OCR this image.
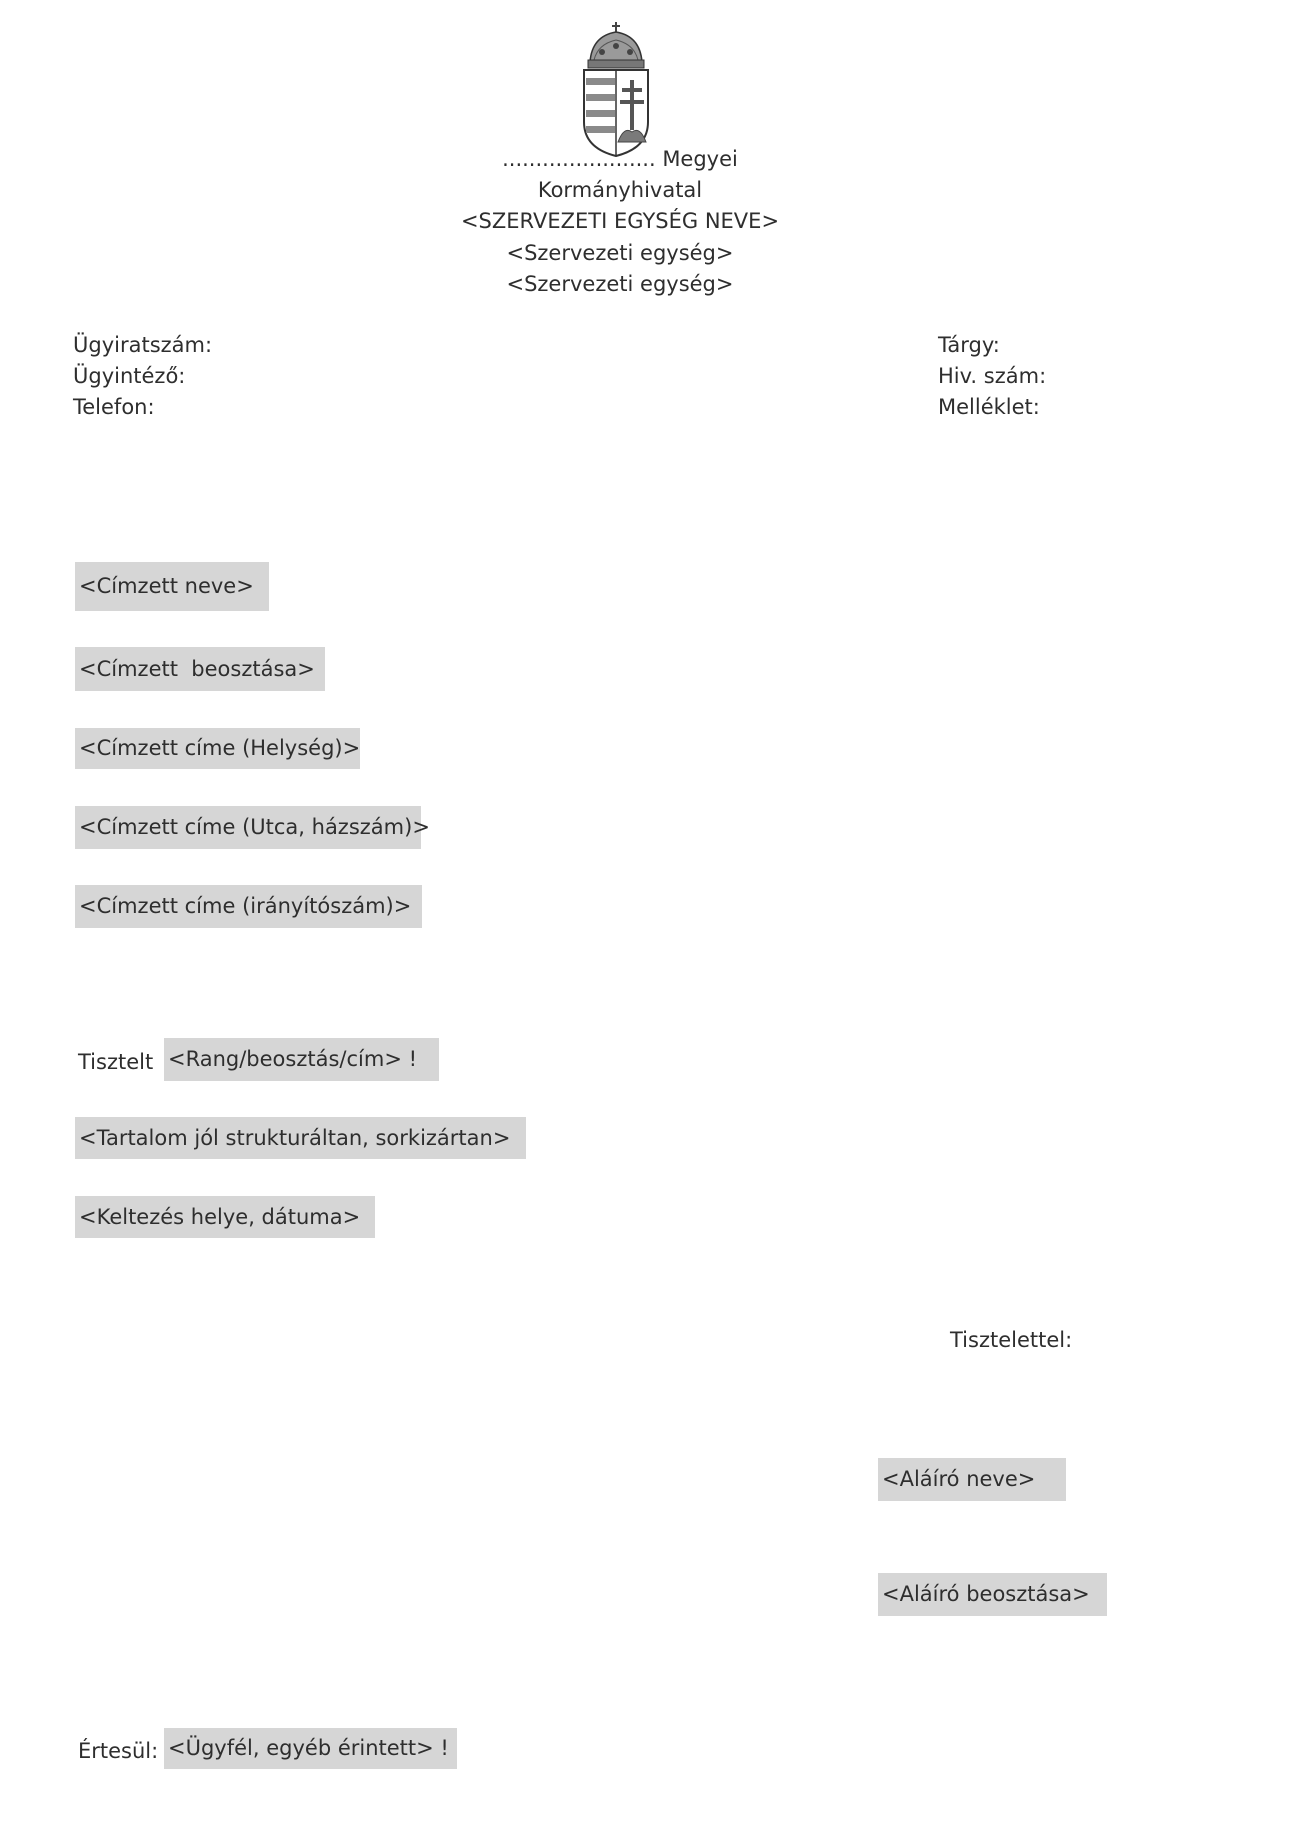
....................... Megyei
Kormányhivatal
<SZERVEZETI EGYSÉG NEVE>
<Szervezeti egység>
<Szervezeti egység>
Ügyiratszám:
Ügyintéző:
Telefon:
Tárgy:
Hiv. szám:
Melléklet:
<Címzett neve>
<Címzett  beosztása>
<Címzett címe (Helység)>
<Címzett címe (Utca, házszám)>
<Címzett címe (irányítószám)>
Tisztelt <Rang/beosztás/cím> !
<Tartalom jól strukturáltan, sorkizártan>
<Keltezés helye, dátuma>
Tisztelettel:
<Aláíró neve>
<Aláíró beosztása>
Értesül: <Ügyfél, egyéb érintett> !
